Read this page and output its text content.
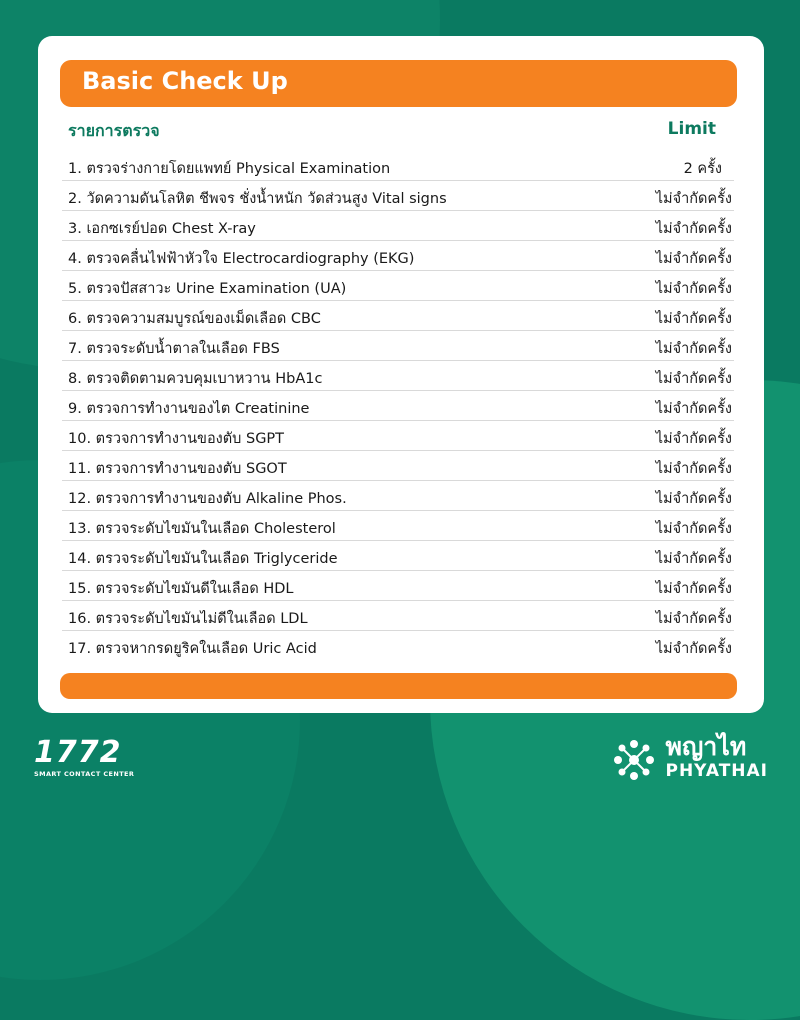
Basic Check Up
รายการตรวจ	Limit
1. ตรวจร่างกายโดยแพทย์ Physical Examination	2 ครั้ง
2. วัดความดันโลหิต ชีพจร ชั่งน้ำหนัก วัดส่วนสูง Vital signs	ไม่จำกัดครั้ง
3. เอกซเรย์ปอด Chest X-ray	ไม่จำกัดครั้ง
4. ตรวจคลื่นไฟฟ้าหัวใจ Electrocardiography (EKG)	ไม่จำกัดครั้ง
5. ตรวจปัสสาวะ Urine Examination (UA)	ไม่จำกัดครั้ง
6. ตรวจความสมบูรณ์ของเม็ดเลือด CBC	ไม่จำกัดครั้ง
7. ตรวจระดับน้ำตาลในเลือด FBS	ไม่จำกัดครั้ง
8. ตรวจติดตามควบคุมเบาหวาน HbA1c	ไม่จำกัดครั้ง
9. ตรวจการทำงานของไต Creatinine	ไม่จำกัดครั้ง
10. ตรวจการทำงานของตับ SGPT	ไม่จำกัดครั้ง
11. ตรวจการทำงานของตับ SGOT	ไม่จำกัดครั้ง
12. ตรวจการทำงานของตับ Alkaline Phos.	ไม่จำกัดครั้ง
13. ตรวจระดับไขมันในเลือด Cholesterol	ไม่จำกัดครั้ง
14. ตรวจระดับไขมันในเลือด Triglyceride	ไม่จำกัดครั้ง
15. ตรวจระดับไขมันดีในเลือด HDL	ไม่จำกัดครั้ง
16. ตรวจระดับไขมันไม่ดีในเลือด LDL	ไม่จำกัดครั้ง
17. ตรวจหากรดยูริคในเลือด Uric Acid	ไม่จำกัดครั้ง
1772
SMART CONTACT CENTER
พญาไท
PHYATHAI
